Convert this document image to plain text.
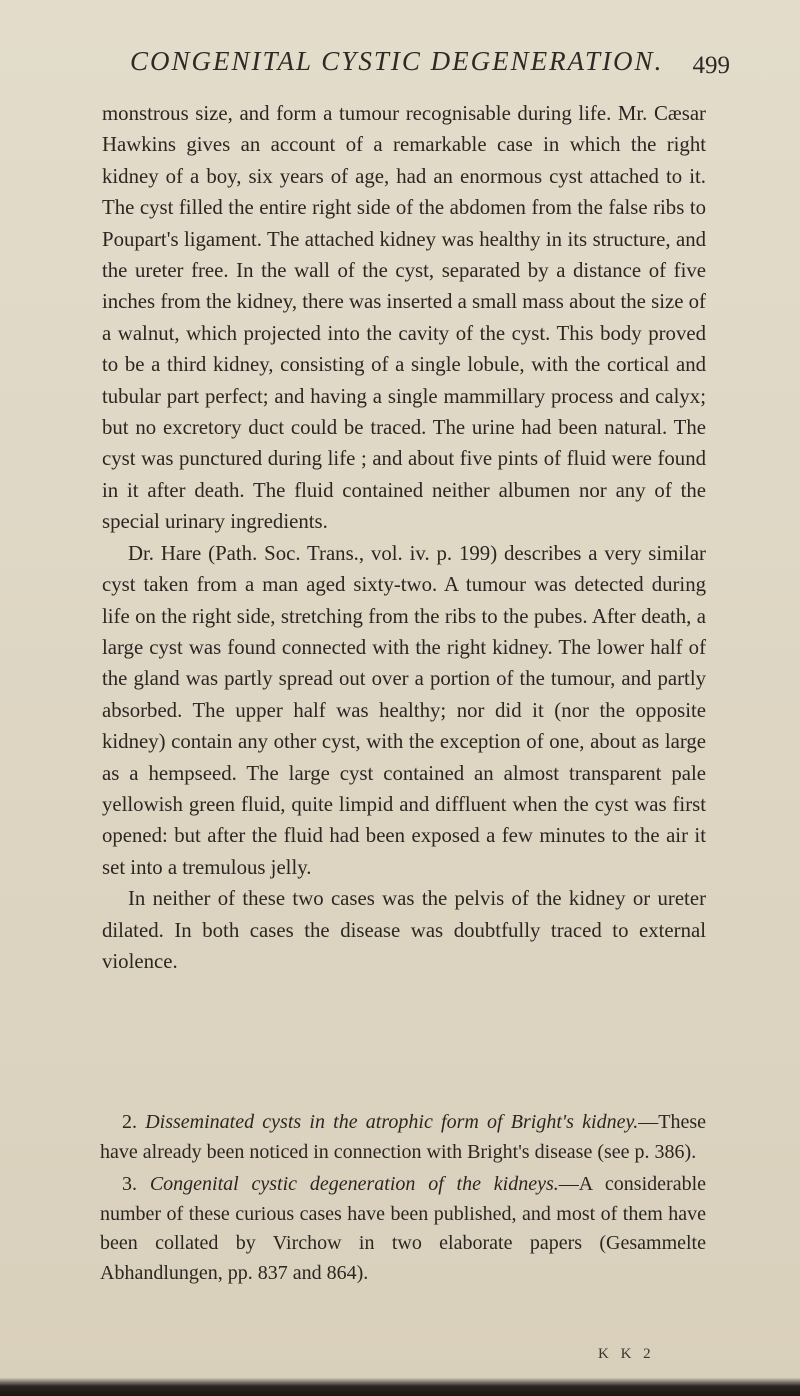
CONGENITAL CYSTIC DEGENERATION. 499

monstrous size, and form a tumour recognisable during life. Mr. Cæsar Hawkins gives an account of a remarkable case in which the right kidney of a boy, six years of age, had an enormous cyst attached to it. The cyst filled the entire right side of the abdomen from the false ribs to Poupart's ligament. The attached kidney was healthy in its structure, and the ureter free. In the wall of the cyst, separated by a distance of five inches from the kidney, there was inserted a small mass about the size of a walnut, which projected into the cavity of the cyst. This body proved to be a third kidney, consisting of a single lobule, with the cortical and tubular part perfect; and having a single mammillary process and calyx; but no excretory duct could be traced. The urine had been natural. The cyst was punctured during life ; and about five pints of fluid were found in it after death. The fluid contained neither albumen nor any of the special urinary ingredients.

Dr. Hare (Path. Soc. Trans., vol. iv. p. 199) describes a very similar cyst taken from a man aged sixty-two. A tumour was detected during life on the right side, stretching from the ribs to the pubes. After death, a large cyst was found connected with the right kidney. The lower half of the gland was partly spread out over a portion of the tumour, and partly absorbed. The upper half was healthy; nor did it (nor the opposite kidney) contain any other cyst, with the exception of one, about as large as a hempseed. The large cyst contained an almost transparent pale yellowish green fluid, quite limpid and diffluent when the cyst was first opened: but after the fluid had been exposed a few minutes to the air it set into a tremulous jelly.

In neither of these two cases was the pelvis of the kidney or ureter dilated. In both cases the disease was doubtfully traced to external violence.

2. Disseminated cysts in the atrophic form of Bright's kidney.—These have already been noticed in connection with Bright's disease (see p. 386).

3. Congenital cystic degeneration of the kidneys.—A considerable number of these curious cases have been published, and most of them have been collated by Virchow in two elaborate papers (Gesammelte Abhandlungen, pp. 837 and 864).

K K 2
